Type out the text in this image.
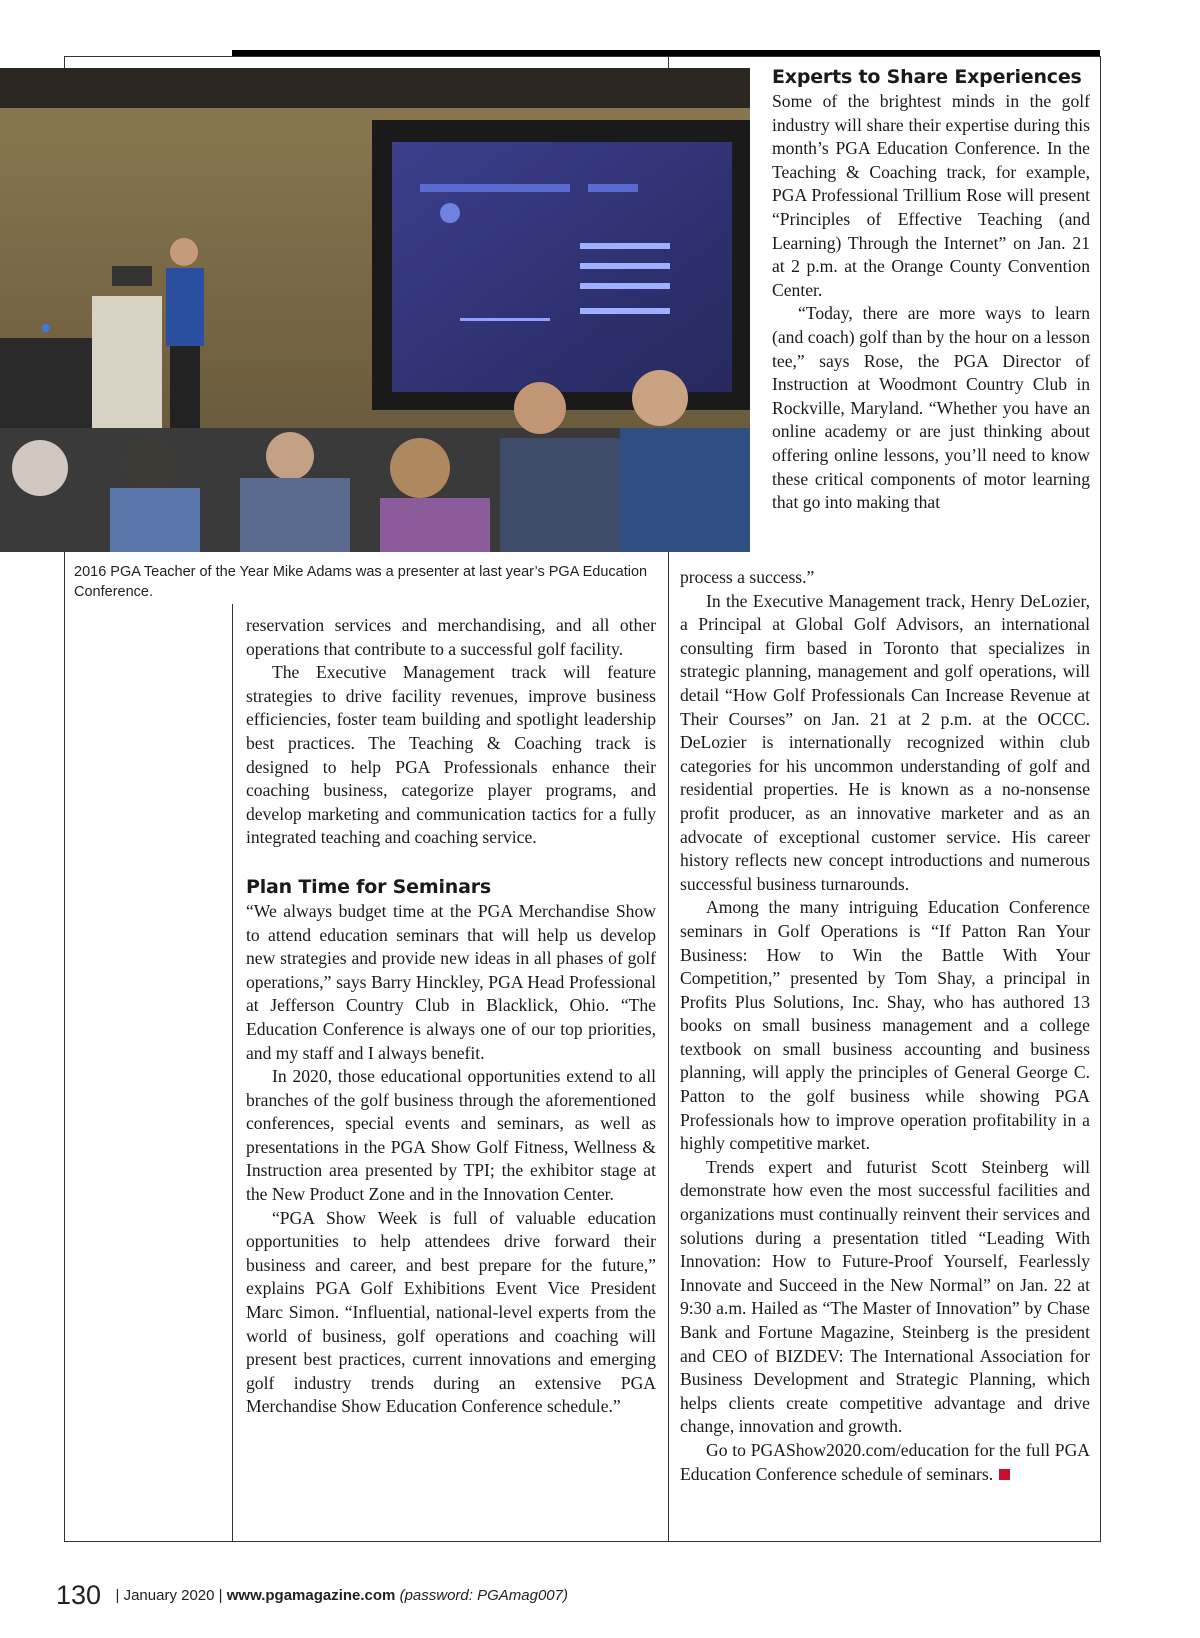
2016 PGA Teacher of the Year Mike Adams was a presenter at last year’s PGA Education Conference.

reservation services and merchandising, and all other operations that contribute to a successful golf facility.

The Executive Management track will feature strategies to drive facility revenues, improve business efficiencies, foster team building and spotlight leadership best practices. The Teaching & Coaching track is designed to help PGA Professionals enhance their coaching business, categorize player programs, and develop marketing and communication tactics for a fully integrated teaching and coaching service.

Plan Time for Seminars

“We always budget time at the PGA Merchandise Show to attend education seminars that will help us develop new strategies and provide new ideas in all phases of golf operations,” says Barry Hinckley, PGA Head Professional at Jefferson Country Club in Blacklick, Ohio. “The Education Conference is always one of our top priorities, and my staff and I always benefit.

In 2020, those educational opportunities extend to all branches of the golf business through the aforementioned conferences, special events and seminars, as well as presentations in the PGA Show Golf Fitness, Wellness & Instruction area presented by TPI; the exhibitor stage at the New Product Zone and in the Innovation Center.

“PGA Show Week is full of valuable education opportunities to help attendees drive forward their business and career, and best prepare for the future,” explains PGA Golf Exhibitions Event Vice President Marc Simon. “Influential, national-level experts from the world of business, golf operations and coaching will present best practices, current innovations and emerging golf industry trends during an extensive PGA Merchandise Show Education Conference schedule.”

Experts to Share Experiences

Some of the brightest minds in the golf industry will share their expertise during this month’s PGA Education Conference. In the Teaching & Coaching track, for example, PGA Professional Trillium Rose will present “Principles of Effective Teaching (and Learning) Through the Internet” on Jan. 21 at 2 p.m. at the Orange County Convention Center.

“Today, there are more ways to learn (and coach) golf than by the hour on a lesson tee,” says Rose, the PGA Director of Instruction at Woodmont Country Club in Rockville, Maryland. “Whether you have an online academy or are just thinking about offering online lessons, you’ll need to know these critical components of motor learning that go into making that

process a success.”

In the Executive Management track, Henry DeLozier, a Principal at Global Golf Advisors, an international consulting firm based in Toronto that specializes in strategic planning, management and golf operations, will detail “How Golf Professionals Can Increase Revenue at Their Courses” on Jan. 21 at 2 p.m. at the OCCC. DeLozier is internationally recognized within club categories for his uncommon understanding of golf and residential properties. He is known as a no-nonsense profit producer, as an innovative marketer and as an advocate of exceptional customer service. His career history reflects new concept introductions and numerous successful business turnarounds.

Among the many intriguing Education Conference seminars in Golf Operations is “If Patton Ran Your Business: How to Win the Battle With Your Competition,” presented by Tom Shay, a principal in Profits Plus Solutions, Inc. Shay, who has authored 13 books on small business management and a college textbook on small business accounting and business planning, will apply the principles of General George C. Patton to the golf business while showing PGA Professionals how to improve operation profitability in a highly competitive market.

Trends expert and futurist Scott Steinberg will demonstrate how even the most successful facilities and organizations must continually reinvent their services and solutions during a presentation titled “Leading With Innovation: How to Future-Proof Yourself, Fearlessly Innovate and Succeed in the New Normal” on Jan. 22 at 9:30 a.m. Hailed as “The Master of Innovation” by Chase Bank and Fortune Magazine, Steinberg is the president and CEO of BIZDEV: The International Association for Business Development and Strategic Planning, which helps clients create competitive advantage and drive change, innovation and growth.

Go to PGAShow2020.com/education for the full PGA Education Conference schedule of seminars.

130 | January 2020 | www.pgamagazine.com (password: PGAmag007)
